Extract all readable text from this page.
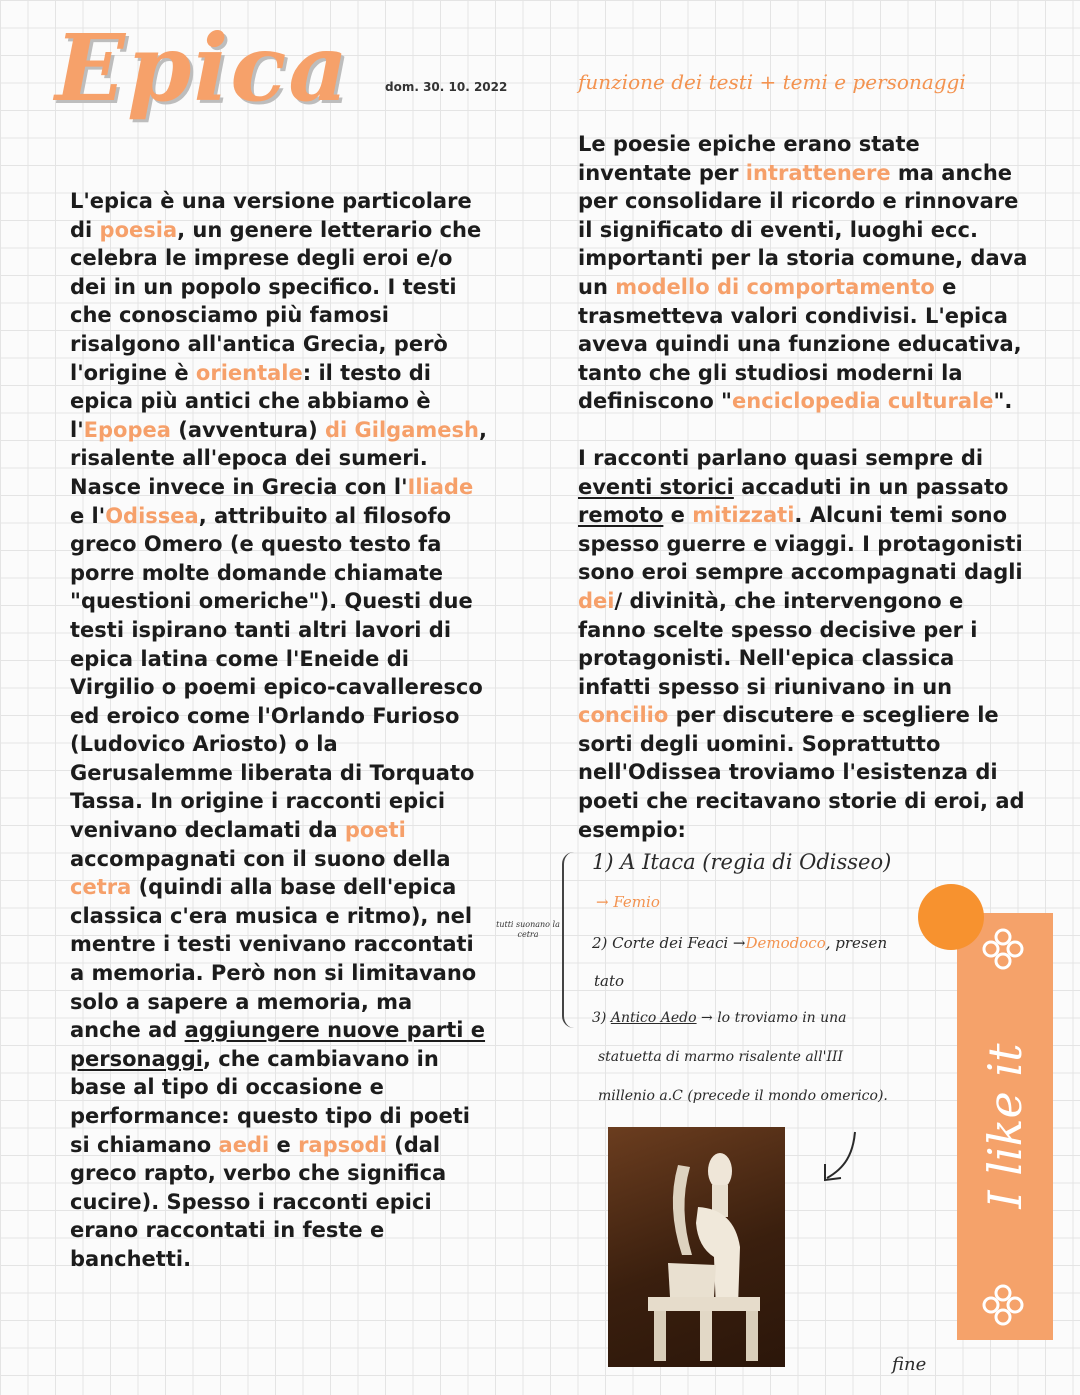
Epica	dom. 30. 10. 2022	funzione dei testi + temi e personaggi

L'epica è una versione particolare di poesia, un genere letterario che celebra le imprese degli eroi e/o dei in un popolo specifico. I testi che conosciamo più famosi risalgono all'antica Grecia, però l'origine è orientale: il testo di epica più antici che abbiamo è l'Epopea (avventura) di Gilgamesh, risalente all'epoca dei sumeri.

Nasce invece in Grecia con l'Iliade e l'Odissea, attribuito al filosofo greco Omero (e questo testo fa porre molte domande chiamate "questioni omeriche"). Questi due testi ispirano tanti altri lavori di epica latina come l'Eneide di Virgilio o poemi epico-cavalleresco ed eroico come l'Orlando Furioso (Ludovico Ariosto) o la Gerusalemme liberata di Torquato Tassa. In origine i racconti epici venivano declamati da poeti accompagnati con il suono della cetra (quindi alla base dell'epica classica c'era musica e ritmo), nel mentre i testi venivano raccontati a memoria. Però non si limitavano solo a sapere a memoria, ma anche ad aggiungere nuove parti e personaggi, che cambiavano in base al tipo di occasione e performance: questo tipo di poeti si chiamano aedi e rapsodi (dal greco rapto, verbo che significa cucire). Spesso i racconti epici erano raccontati in feste e banchetti.

Le poesie epiche erano state inventate per intrattenere ma anche per consolidare il ricordo e rinnovare il significato di eventi, luoghi ecc. importanti per la storia comune, dava un modello di comportamento e trasmetteva valori condivisi. L'epica aveva quindi una funzione educativa, tanto che gli studiosi moderni la definiscono "enciclopedia culturale".

I racconti parlano quasi sempre di eventi storici accaduti in un passato remoto e mitizzati. Alcuni temi sono spesso guerre e viaggi. I protagonisti sono eroi sempre accompagnati dagli dei/ divinità, che intervengono e fanno scelte spesso decisive per i protagonisti. Nell'epica classica infatti spesso si riunivano in un concilio per discutere e scegliere le sorti degli uomini. Soprattutto nell'Odissea troviamo l'esistenza di poeti che recitavano storie di eroi, ad esempio:

tutti suonano la cetra
1) A Itaca (regia di Odisseo)
→ Femio
2) Corte dei Feaci →Demodoco, presen
tato
3) Antico Aedo → lo troviamo in una
statuetta di marmo risalente all'III
millenio a.C (precede il mondo omerico). I like it
fine
